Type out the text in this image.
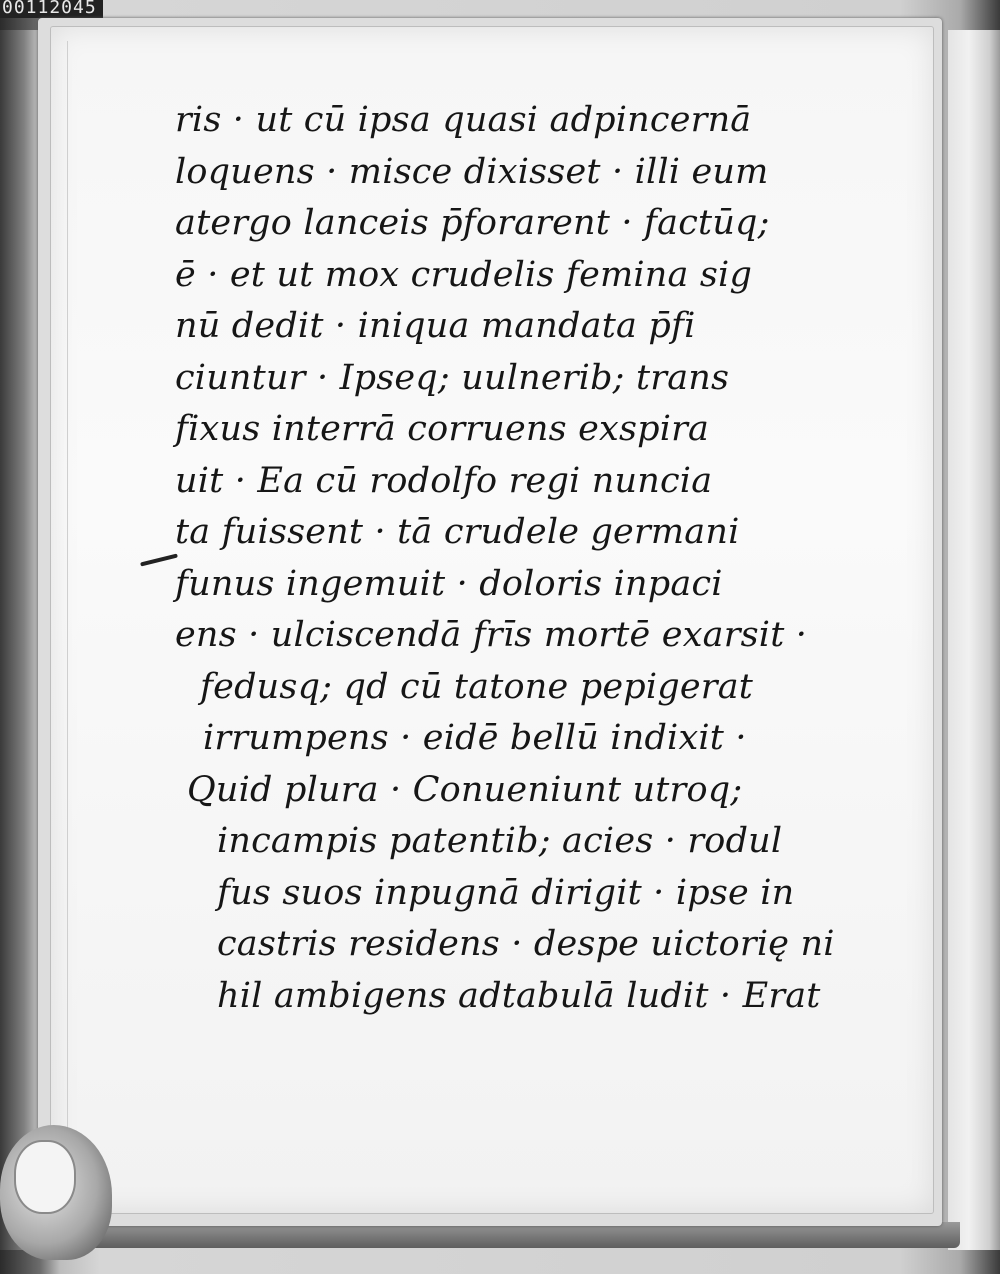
00112045
ris · ut cū ipsa quasi adpincernā
loquens · misce dixisset · illi eum
atergo lanceis p̄forarent · factūq;
ē · et ut mox crudelis femina sig
nū dedit · iniqua mandata p̄fi
ciuntur · Ipseq; uulnerib; trans
fixus interrā corruens exspira
uit · Ea cū rodolfo regi nuncia
ta fuissent · tā crudele germani
funus ingemuit · doloris inpaci
ens · ulciscendā frīs mortē exarsit ·
fedusq; qd cū tatone pepigerat
irrumpens · eidē bellū indixit ·
Quid plura · Conueniunt utroq;
incampis patentib; acies · rodul
fus suos inpugnā dirigit · ipse in
castris residens · despe uictorię ni
hil ambigens adtabulā ludit · Erat
